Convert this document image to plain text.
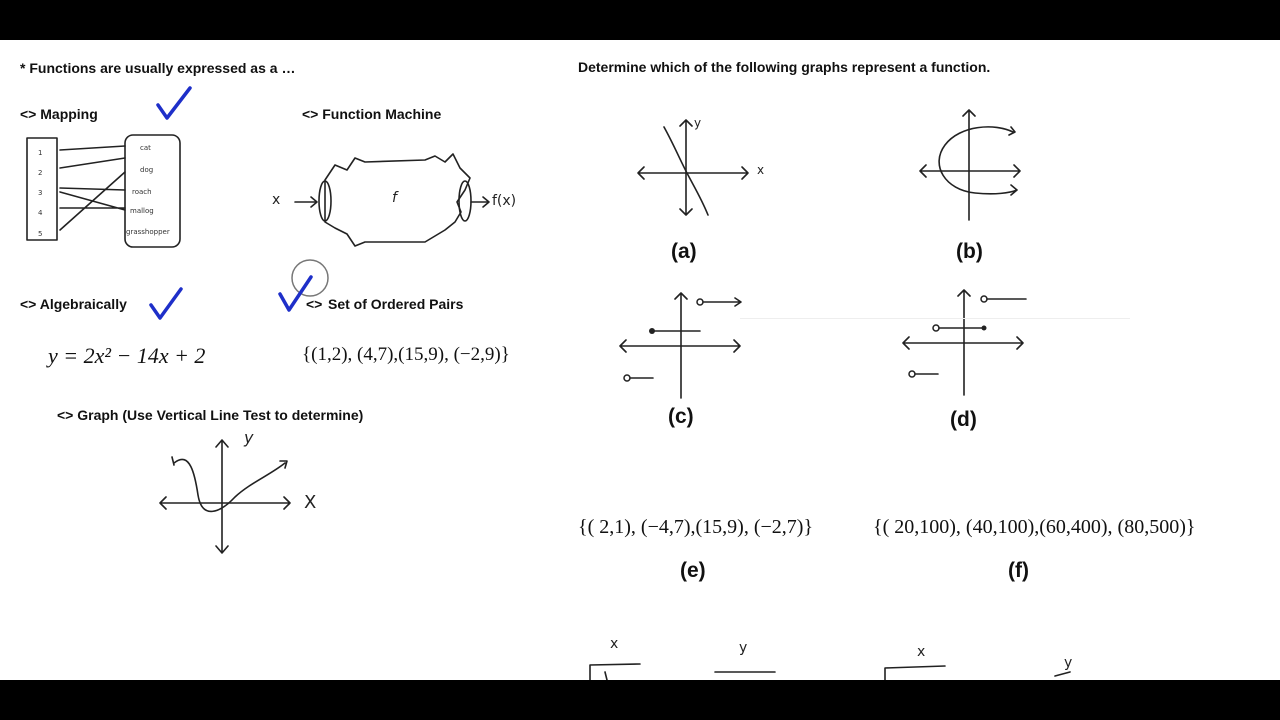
* Functions are usually expressed as a …
<> Mapping
1
2
3
4
5
cat
dog
roach
mallog
grasshopper
<> Function Machine
x	f	f(x)
<> Algebraically
y = 2x² − 14x + 2
<> Set of Ordered Pairs
{(1,2), (4,7),(15,9), (−2,9)}
<> Graph (Use Vertical Line Test to determine)
X
y
Determine which of the following graphs represent a function.
x
y
(a)	(b)
(c)	(d)
{( 2,1), (−4,7),(15,9), (−2,7)}
(e)
{( 20,100), (40,100),(60,400), (80,500)}
(f)
x	y	x
y
